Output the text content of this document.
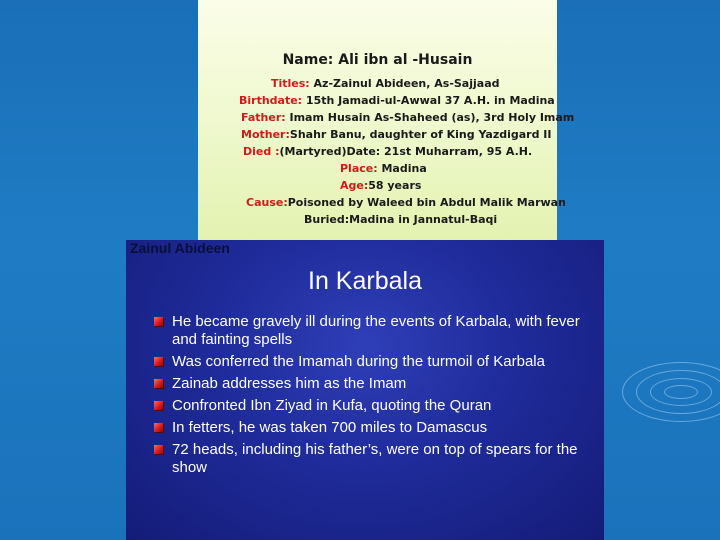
Name: Ali ibn al -Husain
Titles: Az-Zainul Abideen, As-Sajjaad
Birthdate: 15th Jamadi-ul-Awwal 37 A.H. in Madina
Father: Imam Husain As-Shaheed (as), 3rd Holy Imam
Mother:Shahr Banu, daughter of King Yazdigard II
Died :(Martyred)Date: 21st Muharram, 95 A.H.
Place: Madina
Age:58 years
Cause:Poisoned by Waleed bin Abdul Malik Marwan
Buried:Madina in Jannatul-Baqi
Zainul Abideen
In Karbala
He became gravely ill during the events of Karbala, with fever and fainting spells
Was conferred the Imamah during the turmoil of Karbala
Zainab addresses him as the Imam
Confronted Ibn Ziyad in Kufa, quoting the Quran
In fetters, he was taken 700 miles to Damascus
72 heads, including his father’s, were on top of spears for the show
